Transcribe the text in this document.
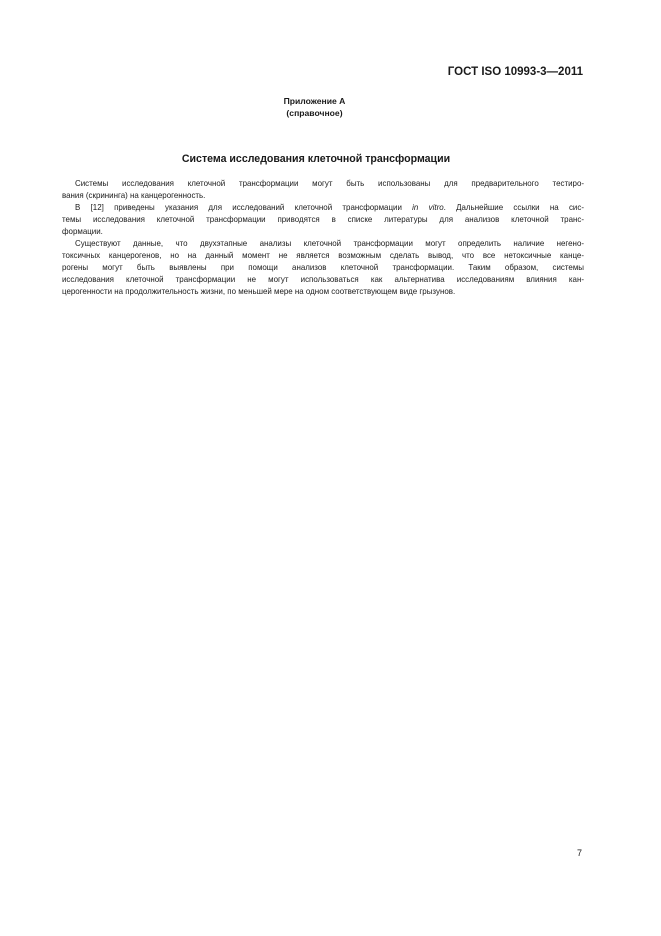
ГОСТ ISO 10993-3—2011
Приложение А
(справочное)
Система исследования клеточной трансформации
Системы исследования клеточной трансформации могут быть использованы для предварительного тестиро-
вания (скрининга) на канцерогенность.
В [12] приведены указания для исследований клеточной трансформации in vitro. Дальнейшие ссылки на сис-
темы исследования клеточной трансформации приводятся в списке литературы для анализов клеточной транс-
формации.
Существуют данные, что двухэтапные анализы клеточной трансформации могут определить наличие негено-
токсичных канцерогенов, но на данный момент не является возможным сделать вывод, что все нетоксичные канце-
рогены могут быть выявлены при помощи анализов клеточной трансформации. Таким образом, системы
исследования клеточной трансформации не могут использоваться как альтернатива исследованиям влияния кан-
церогенности на продолжительность жизни, по меньшей мере на одном соответствующем виде грызунов.
7
